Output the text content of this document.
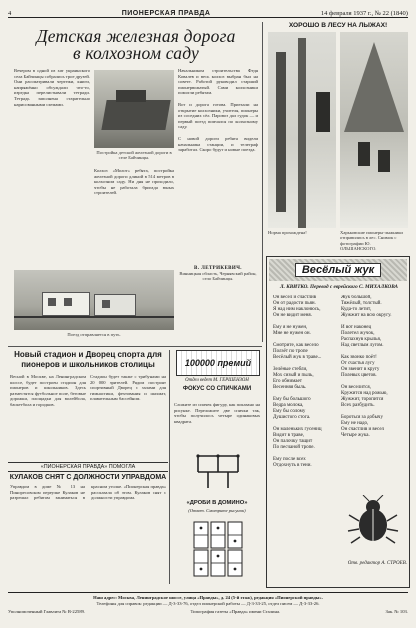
4	ПИОНЕРСКАЯ ПРАВДА	14 февраля 1937 г., № 22 (1840)
Детская железная дорога
в колхозном саду
Вечером в одной из хат украинского села Байчинцы собрались трое друзей. Они рассматривали чертежи, книги, напряжённо обсуждали что-то, изредка перелистывали тетради. Тетрадь заполнена старательно нарисованными схемами.
Постройка детской железной дороги в селе Байчинцы.
Колхоз «Молот» ребята, постройка железной дороги длиной в 514 метров в колхозном саду. Ни дня не проходило, чтобы не работала бригада юных строителей.
Начальником строительства Федя Ковалев и весь колхоз выбран был на совете. Работой руководил старший пионервожатый. Сами колхозники помогли ребятам.
Вот и дорога готова. Приехали на открытие колхозники, учителя, пионеры из соседних сёл. Паровоз дал гудок — и первый поезд помчался по колхозному саду.
С новой дороги ребята видели начальника станции, и телеграф заработал. Скоро будут и новые поезда.
В. ЛЕТРИКЕВИЧ.
Винницкая область, Чернявский район, село Байчинцы.
Поезд отправляется в путь.
ХОРОШО В ЛЕСУ НА ЛЫЖАХ!
Норма прохождена!	Харьковские пионеры-лыжники отправились в лес. Снимок с фотографии Ю. ОЛЬШАНСКОГО.
Весёлый жук
Л. КВИТКО. Перевод с еврейского С. МИХАЛКОВА
Он весел и счастлив
Он от радости пьян.
Я над ним наклонюсь,
Он не видит меня.

Ему я не нужен,
Мне не нужен он.

Смотрите, как весело
Ползёт по тропе
Весёлый жук в траве...

Зелёные стебли,
Мох сизый и пыль,
Его обнимает
Весенняя быль.

Ему бы большого
Ведра молока,
Ему бы солому
Душистого стога.

Он маленьких гусениц
Видит в траве,
Он палочку тащит
По песчаной тропе.

Ему после всех
Отдохнуть в тени.
Жук большой,
Тяжёлый, толстый.
Куда-то летит,
Жужжит на всю округу.

И вот наконец
Полетел жучок,
Распахнув крылья,
Над светлым лугом.

Как звонко поёт!
От счастья лугу
Он звенит в кругу
Полевых цветов.

Он веселится,
Кружится над рожью,
Жужжит, торопится
Всех разбудить.

Бороться за добычу
Ему не надо,
Он счастлив и весел
Четыре жука.
Отв. редактор А. СТРОЕВ.
Новый стадион и Дворец спорта для пионеров и школьников столицы
Весной в Москве, на Ленинградском шоссе, будет построен стадион для пионеров и школьников. Здесь разместятся футбольное поле, беговые дорожки, площадки для волейбола, баскетбола и городков.
Стадион будет также с трибунами на 20 000 зрителей. Рядом построят спортивный Дворец с залами для гимнастики, фехтования и шахмат, плавательным бассейном.
«ПИОНЕРСКАЯ ПРАВДА» ПОМОГЛА
КУЛАКОВ СНЯТ С ДОЛЖНОСТИ УПРАВДОМА
Управдом в доме № 13 на Пиноресовском переулке Кулаков не разрешал ребятам заниматься в красном уголке. «Пионерская правда» рассказала об этом. Кулаков снят с должности управдома.
100000 премий
Отдел ведет М. ГЕРШЕНЗОН
ФОКУС СО СПИЧКАМИ
Сложите из спичек фигуру, как показано на рисунке. Переложите две спички так, чтобы получилось четыре одинаковых квадрата.
«ДРОБИ В ДОМИНО»
(Ответ. Смотрите рисунок)
Наш адрес: Москва, Ленинградское шоссе, улица «Правды», д. 24 (5-й этаж), редакция «Пионерской правды».
Телефоны для справок: редакции — Д-3-33-76, отдел пионерской работы — Д-3-33-25, отдел писем — Д-3-33-26.
Уполномоченный Главлита № В-22589.	Типография газеты «Правда» имени Сталина.	Зак. № 103.
